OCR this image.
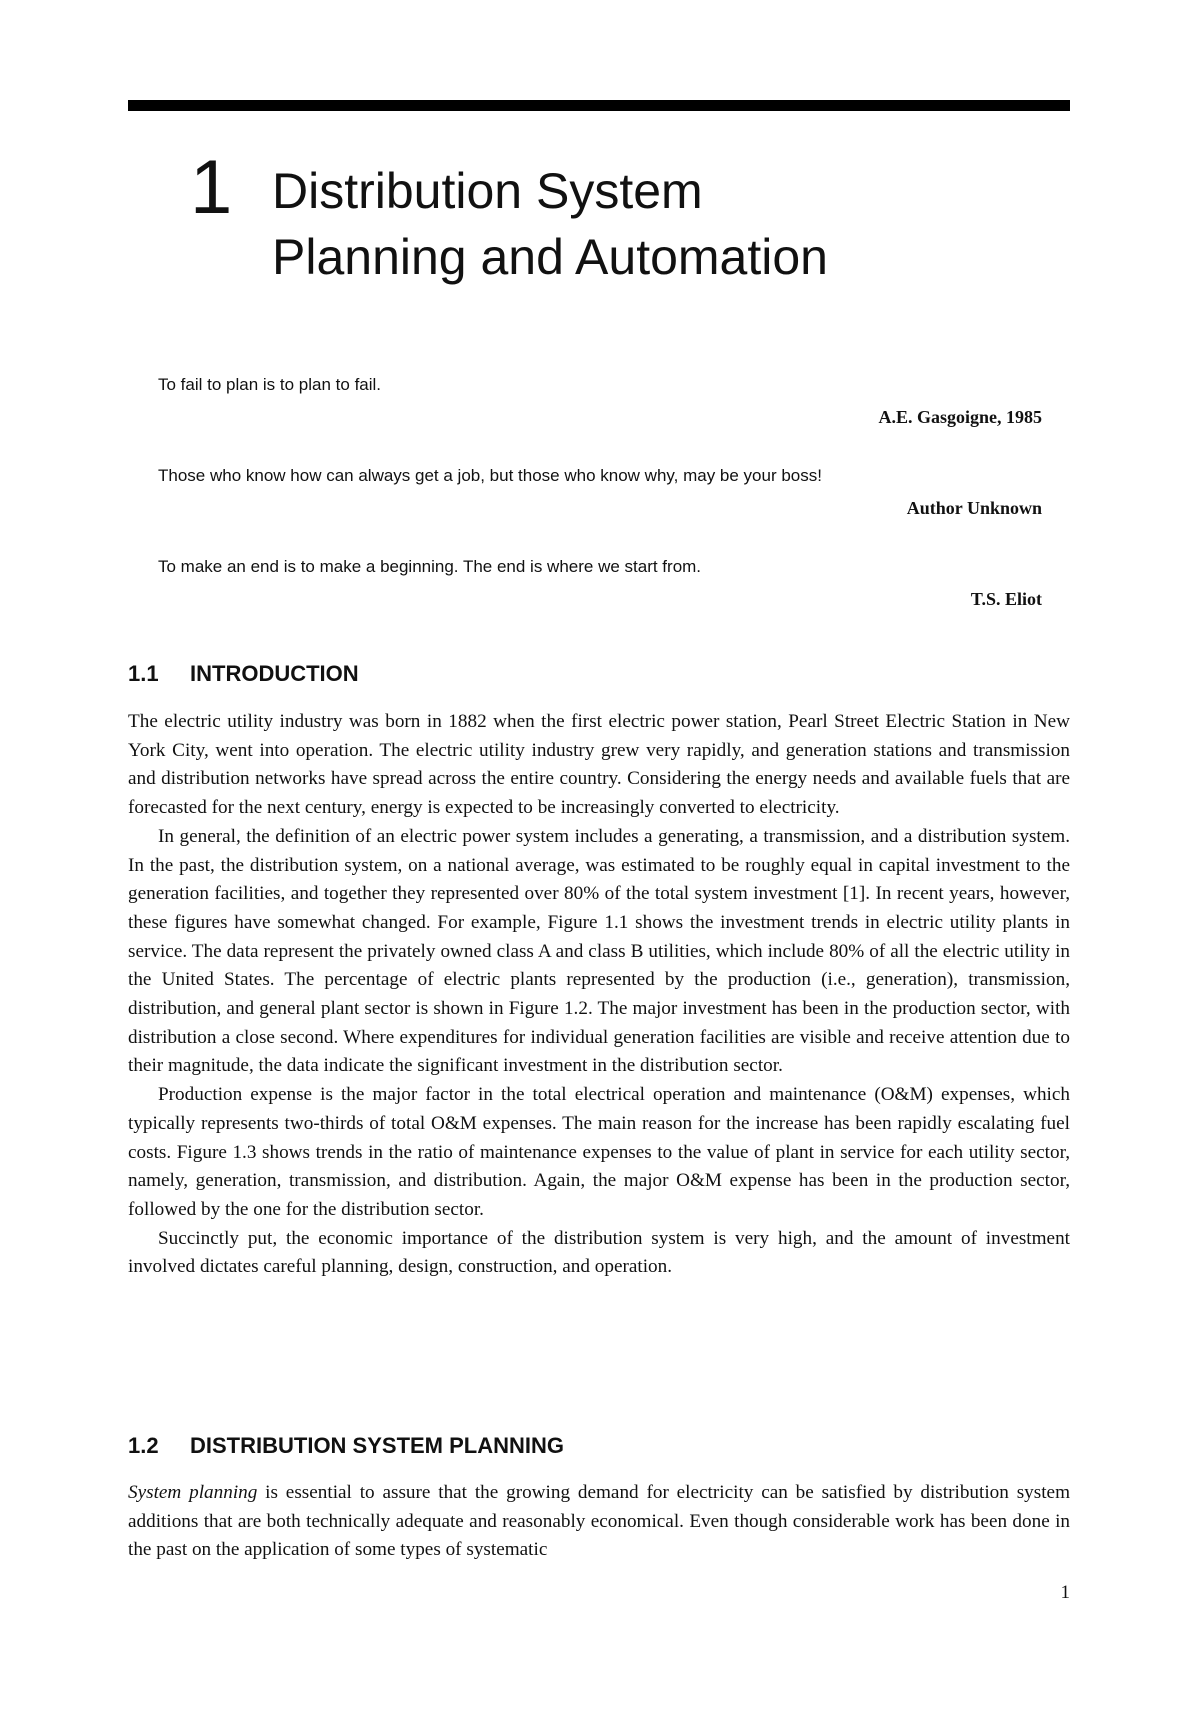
1 Distribution System
Planning and Automation
To fail to plan is to plan to fail.
A.E. Gasgoigne, 1985
Those who know how can always get a job, but those who know why, may be your boss!
Author Unknown
To make an end is to make a beginning. The end is where we start from.
T.S. Eliot
1.1 INTRODUCTION

The electric utility industry was born in 1882 when the first electric power station, Pearl Street Electric Station in New York City, went into operation. The electric utility industry grew very rapidly, and generation stations and transmission and distribution networks have spread across the entire country. Considering the energy needs and available fuels that are forecasted for the next century, energy is expected to be increasingly converted to electricity.

In general, the definition of an electric power system includes a generating, a transmission, and a distribution system. In the past, the distribution system, on a national average, was estimated to be roughly equal in capital investment to the generation facilities, and together they represented over 80% of the total system investment [1]. In recent years, however, these figures have somewhat changed. For example, Figure 1.1 shows the investment trends in electric utility plants in service. The data represent the privately owned class A and class B utilities, which include 80% of all the electric utility in the United States. The percentage of electric plants represented by the production (i.e., generation), transmission, distribution, and general plant sector is shown in Figure 1.2. The major investment has been in the production sector, with distribution a close second. Where expenditures for individual generation facilities are visible and receive attention due to their magnitude, the data indicate the significant investment in the distribution sector.

Production expense is the major factor in the total electrical operation and maintenance (O&M) expenses, which typically represents two-thirds of total O&M expenses. The main reason for the increase has been rapidly escalating fuel costs. Figure 1.3 shows trends in the ratio of maintenance expenses to the value of plant in service for each utility sector, namely, generation, transmission, and distribution. Again, the major O&M expense has been in the production sector, followed by the one for the distribution sector.

Succinctly put, the economic importance of the distribution system is very high, and the amount of investment involved dictates careful planning, design, construction, and operation.

1.2 DISTRIBUTION SYSTEM PLANNING

System planning is essential to assure that the growing demand for electricity can be satisfied by distribution system additions that are both technically adequate and reasonably economical. Even though considerable work has been done in the past on the application of some types of systematic

1
